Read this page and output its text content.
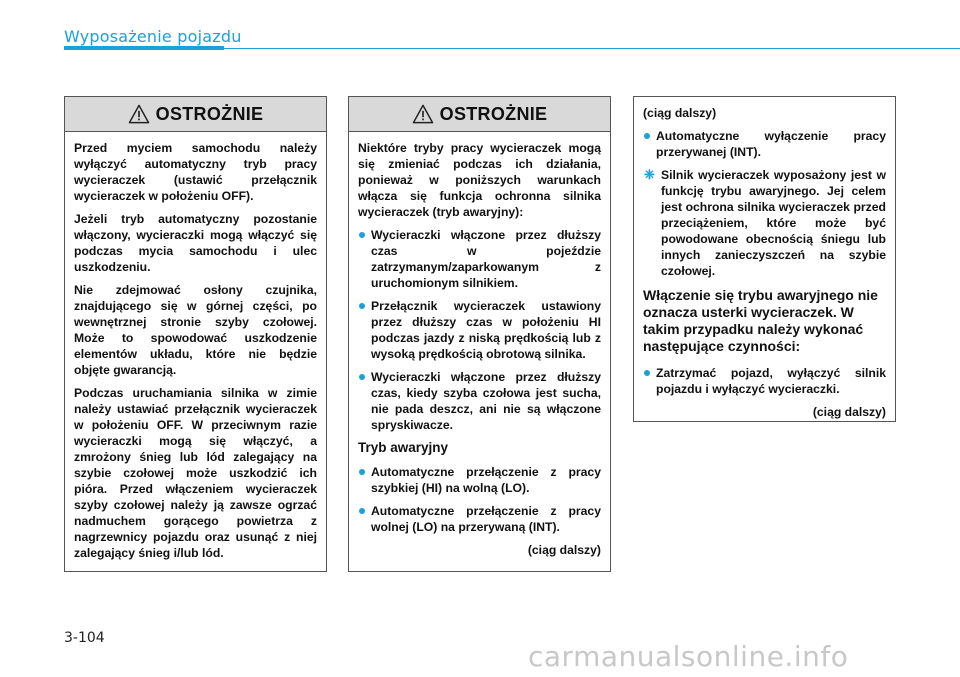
Wyposażenie pojazdu
OSTROŻNIE

Przed myciem samochodu należy wyłączyć automatyczny tryb pracy wycieraczek (ustawić przełącznik wycieraczek w położeniu OFF).

Jeżeli tryb automatyczny pozostanie włączony, wycieraczki mogą włączyć się podczas mycia samochodu i ulec uszkodzeniu.

Nie zdejmować osłony czujnika, znajdującego się w górnej części, po wewnętrznej stronie szyby czołowej. Może to spowodować uszkodzenie elementów układu, które nie będzie objęte gwarancją.

Podczas uruchamiania silnika w zimie należy ustawiać przełącznik wycieraczek w położeniu OFF. W przeciwnym razie wycieraczki mogą się włączyć, a zmrożony śnieg lub lód zalegający na szybie czołowej może uszkodzić ich pióra. Przed włączeniem wycieraczek szyby czołowej należy ją zawsze ogrzać nadmuchem gorącego powietrza z nagrzewnicy pojazdu oraz usunąć z niej zalegający śnieg i/lub lód.

OSTROŻNIE

Niektóre tryby pracy wycieraczek mogą się zmieniać podczas ich działania, ponieważ w poniższych warunkach włącza się funkcja ochronna silnika wycieraczek (tryb awaryjny):

Wycieraczki włączone przez dłuższy czas w pojeździe zatrzymanym/zaparkowanym z uruchomionym silnikiem.
Przełącznik wycieraczek ustawiony przez dłuższy czas w położeniu HI podczas jazdy z niską prędkością lub z wysoką prędkością obrotową silnika.
Wycieraczki włączone przez dłuższy czas, kiedy szyba czołowa jest sucha, nie pada deszcz, ani nie są włączone spryskiwacze.
Tryb awaryjny
Automatyczne przełączenie z pracy szybkiej (HI) na wolną (LO).
Automatyczne przełączenie z pracy wolnej (LO) na przerywaną (INT).
(ciąg dalszy)

(ciąg dalszy)

Automatyczne wyłączenie pracy przerywanej (INT).
❈ Silnik wycieraczek wyposażony jest w funkcję trybu awaryjnego. Jej celem jest ochrona silnika wycieraczek przed przeciążeniem, które może być powodowane obecnością śniegu lub innych zanieczyszczeń na szybie czołowej.
Włączenie się trybu awaryjnego nie oznacza usterki wycieraczek. W takim przypadku należy wykonać następujące czynności:
Zatrzymać pojazd, wyłączyć silnik pojazdu i wyłączyć wycieraczki.
(ciąg dalszy)
3-104
carmanualsonline.info
